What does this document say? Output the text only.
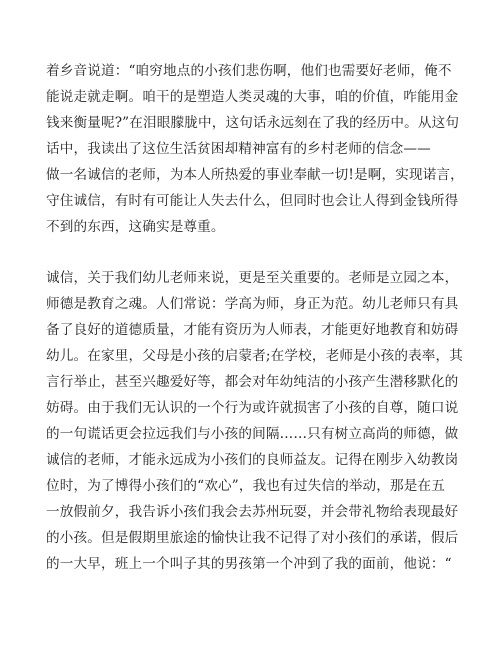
着乡音说道：“咱穷地点的小孩们悲伤啊，他们也需要好老师，俺不
能说走就走啊。咱干的是塑造人类灵魂的大事，咱的价值，咋能用金
钱来衡量呢?”在泪眼朦胧中，这句话永远刻在了我的经历中。从这句
话中，我读出了这位生活贫困却精神富有的乡村老师的信念——
做一名诚信的老师，为本人所热爱的事业奉献一切!是啊，实现诺言，
守住诚信，有时有可能让人失去什么，但同时也会让人得到金钱所得
不到的东西，这确实是尊重。
诚信，关于我们幼儿老师来说，更是至关重要的。老师是立园之本，
师德是教育之魂。人们常说：学高为师，身正为范。幼儿老师只有具
备了良好的道德质量，才能有资历为人师表，才能更好地教育和妨碍
幼儿。在家里，父母是小孩的启蒙者;在学校，老师是小孩的表率，其
言行举止，甚至兴趣爱好等，都会对年幼纯洁的小孩产生潜移默化的
妨碍。由于我们无认识的一个行为或许就损害了小孩的自尊，随口说
的一句谎话更会拉远我们与小孩的间隔……只有树立高尚的师德，做
诚信的老师，才能永远成为小孩们的良师益友。记得在刚步入幼教岗
位时，为了博得小孩们的“欢心”，我也有过失信的举动，那是在五
一放假前夕，我告诉小孩们我会去苏州玩耍，并会带礼物给表现最好
的小孩。但是假期里旅途的愉快让我不记得了对小孩们的承诺，假后
的一大早，班上一个叫子其的男孩第一个冲到了我的面前，他说：“
